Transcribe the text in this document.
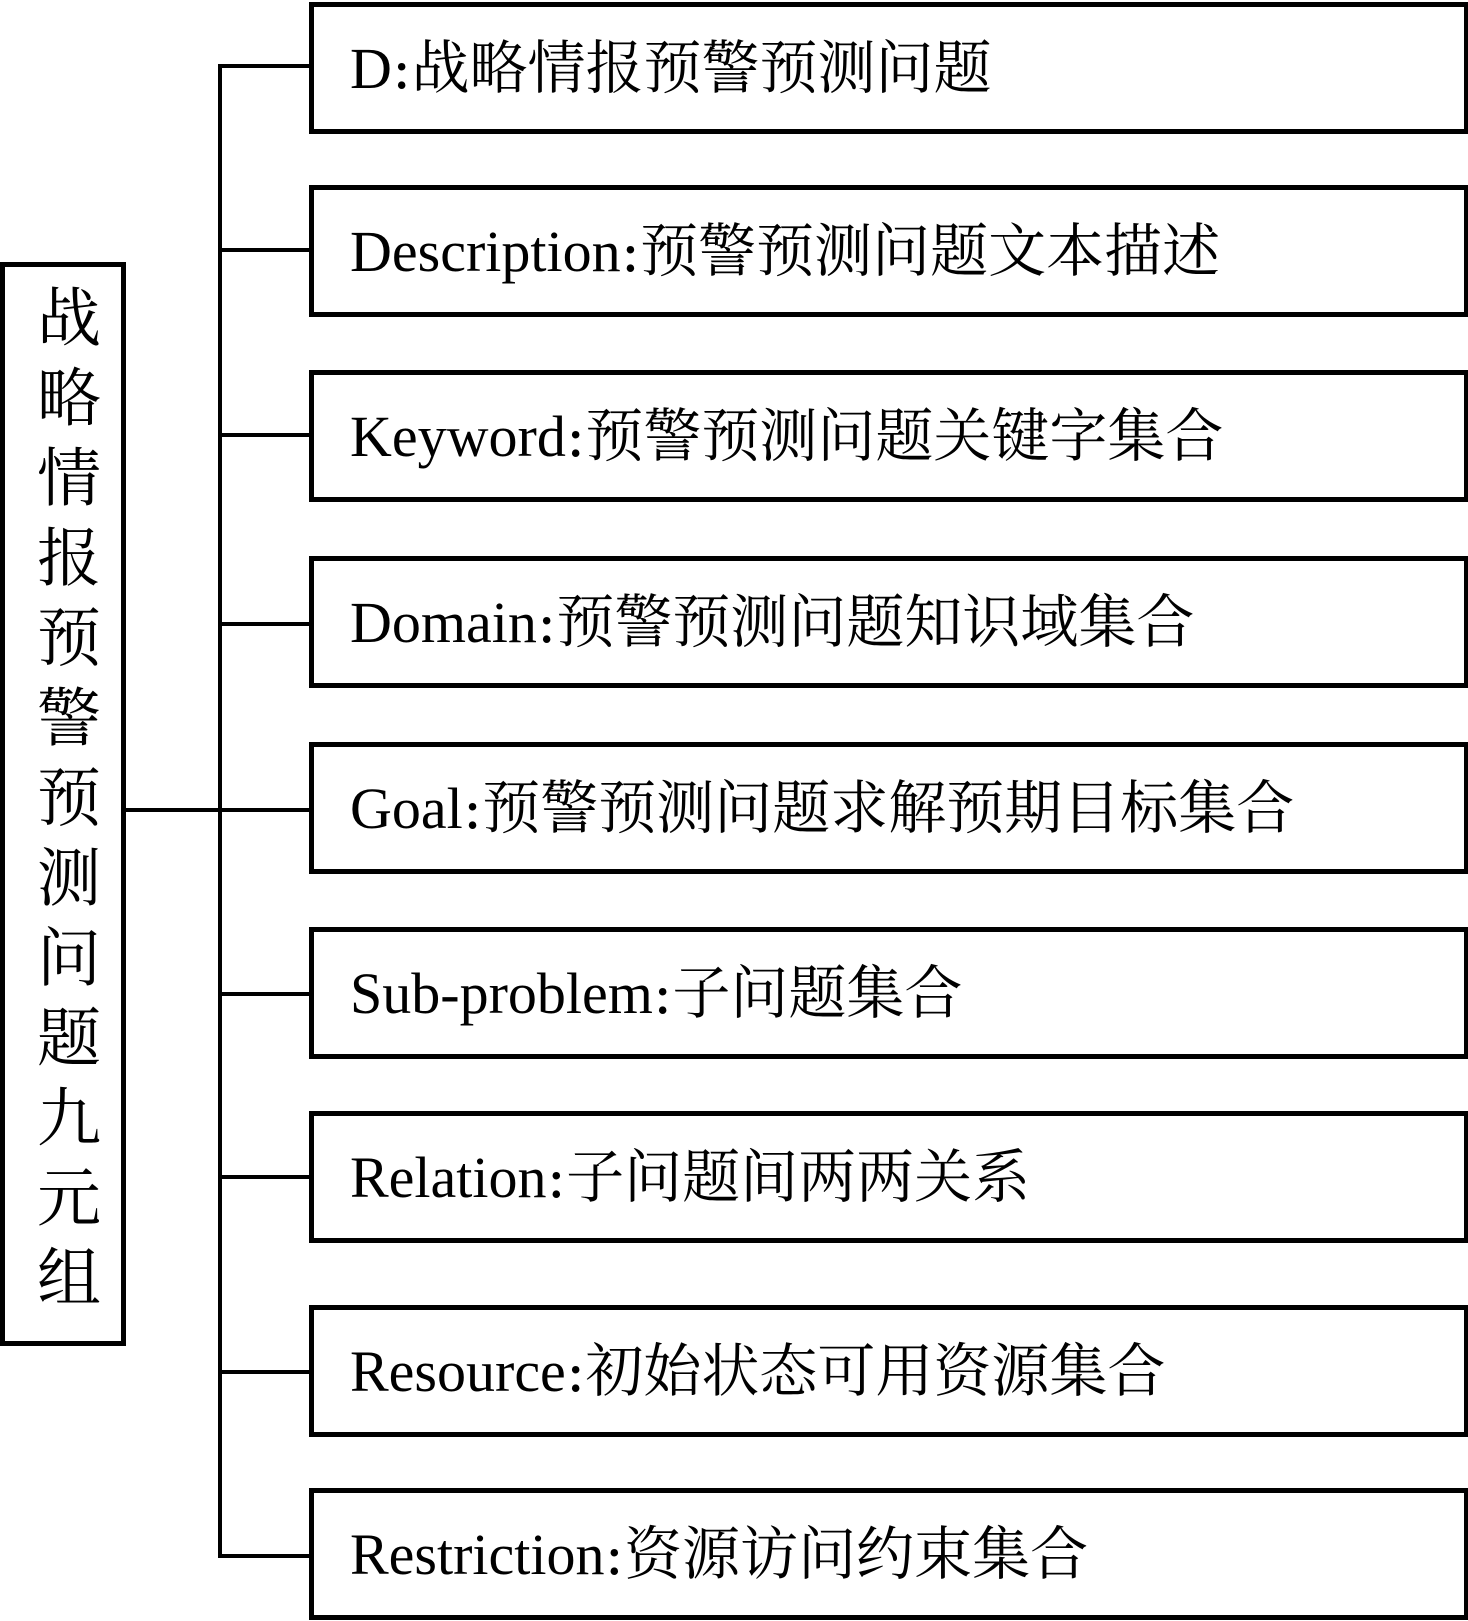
战略情报预警预测问题九元组
D:战略情报预警预测问题
Description:预警预测问题文本描述
Keyword:预警预测问题关键字集合
Domain:预警预测问题知识域集合
Goal:预警预测问题求解预期目标集合
Sub-problem:子问题集合
Relation:子问题间两两关系
Resource:初始状态可用资源集合
Restriction:资源访问约束集合
